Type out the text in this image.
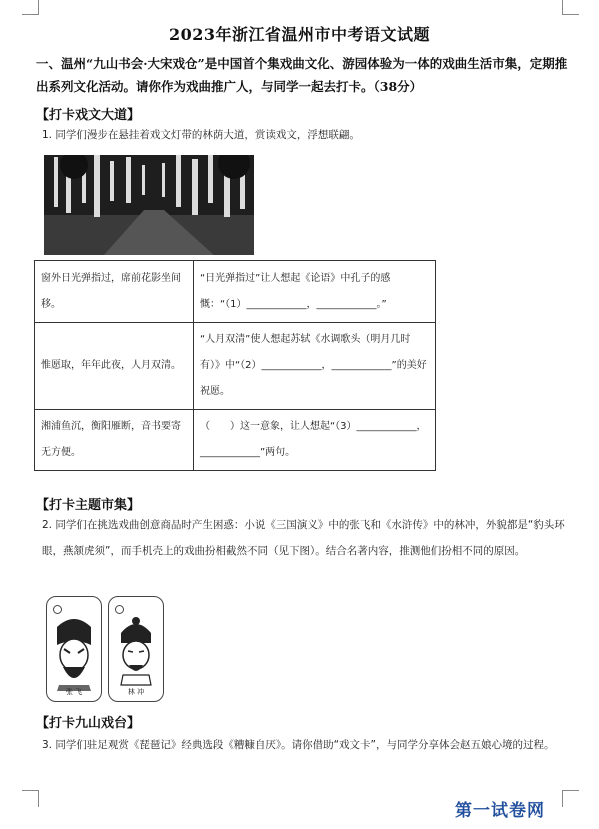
2023年浙江省温州市中考语文试题
一、温州“九山书会·大宋戏仓”是中国首个集戏曲文化、游园体验为一体的戏曲生活市集，定期推出系列文化活动。请你作为戏曲推广人，与同学一起去打卡。（38分）
【打卡戏文大道】
1. 同学们漫步在悬挂着戏文灯带的林荫大道，赏读戏文，浮想联翩。
窗外日光弹指过，席前花影坐间移。	“日光弹指过”让人想起《论语》中孔子的感慨：“（1）____________，____________。”
惟愿取，年年此夜，人月双清。	“人月双清”使人想起苏轼《水调歌头（明月几时有）》中“（2）____________，____________”的美好祝愿。
湘浦鱼沉，衡阳雁断，音书要寄无方便。	（　　）这一意象，让人想起“（3）____________，____________”两句。
【打卡主题市集】
2. 同学们在挑选戏曲创意商品时产生困惑：小说《三国演义》中的张飞和《水浒传》中的林冲，外貌都是“豹头环眼，燕颔虎须”，而手机壳上的戏曲扮相截然不同（见下图）。结合名著内容，推测他们扮相不同的原因。
张 飞	林 冲
【打卡九山戏台】
3. 同学们驻足观赏《琵琶记》经典选段《糟糠自厌》。请你借助“戏文卡”，与同学分享体会赵五娘心境的过程。
第一试卷网
